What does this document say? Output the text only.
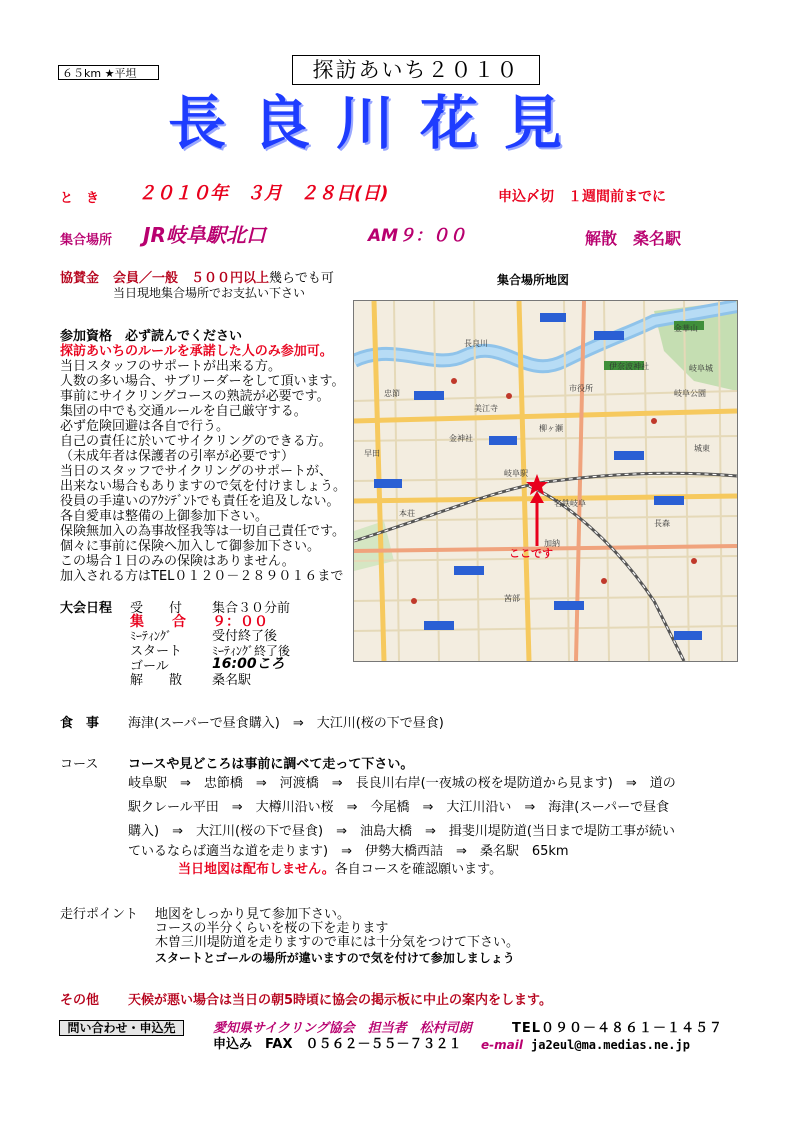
６５km ★平坦	探訪あいち２０１０
長良川花見
と　き ２０１０年　３月　２８日(日)	申込〆切　１週間前までに
集合場所 JR岐阜駅北口	AM９：００	解散　桑名駅
協賛金 会員／一般　５００円以上幾らでも可
当日現地集合場所でお支払い下さい
集合場所地図
参加資格　必ず読んでください
探訪あいちのルールを承諾した人のみ参加可。
当日スタッフのサポートが出来る方。
人数の多い場合、サブリーダーをして頂います。
事前にサイクリングコースの熟読が必要です。
集団の中でも交通ルールを自己厳守する。
必ず危険回避は各自で行う。
自己の責任に於いてサイクリングのできる方。
（未成年者は保護者の引率が必要です）
当日のスタッフでサイクリングのサポートが、
出来ない場合もありますので気を付けましょう。
役員の手違いのｱｸｼﾃﾞﾝﾄでも責任を追及しない。
各自愛車は整備の上御参加下さい。
保険無加入の為事故怪我等は一切自己責任です。
個々に事前に保険へ加入して御参加下さい。
この場合１日のみの保険はありません。
加入される方はTEL０１２０－２８９０１６まで
金華山
岐阜城
伊奈波神社
岐阜公園
長良川
岐阜駅
名鉄岐阜
柳ヶ瀬
金神社
加納
本荘
忠節
早田
城東
市役所
美江寺
長森
茜部
ここです
大会日程 受　　付 集合３０分前
集　　合 ９：００
ﾐｰﾃｨﾝｸﾞ	受付終了後
スタート ﾐｰﾃｨﾝｸﾞ終了後
ゴール	16:00ころ
解　　散 桑名駅
食　事 海津(スーパーで昼食購入)　⇒　大江川(桜の下で昼食)
コース コースや見どころは事前に調べて走って下さい。
岐阜駅　⇒　忠節橋　⇒　河渡橋　⇒　長良川右岸(一夜城の桜を堤防道から見ます)　⇒　道の
駅クレール平田　⇒　大樽川沿い桜　⇒　今尾橋　⇒　大江川沿い　⇒　海津(スーパーで昼食
購入)　⇒　大江川(桜の下で昼食)　⇒　油島大橋　⇒　揖斐川堤防道(当日まで堤防工事が続い
ているならば適当な道を走ります)　⇒　伊勢大橋西詰　⇒　桑名駅　65km
当日地図は配布しません。各自コースを確認願います。
走行ポイント 地図をしっかり見て参加下さい。
コースの半分くらいを桜の下を走ります
木曽三川堤防道を走りますので車には十分気をつけて下さい。
スタートとゴールの場所が違いますので気を付けて参加しましょう
その他 天候が悪い場合は当日の朝5時頃に協会の掲示板に中止の案内をします。
問い合わせ・申込先	愛知県サイクリング協会　担当者　松村司朗	TEL０９０－４８６１－１４５７
申込み　FAX　０５６２－５５－７３２１ e-mail ja2eul@ma.medias.ne.jp
